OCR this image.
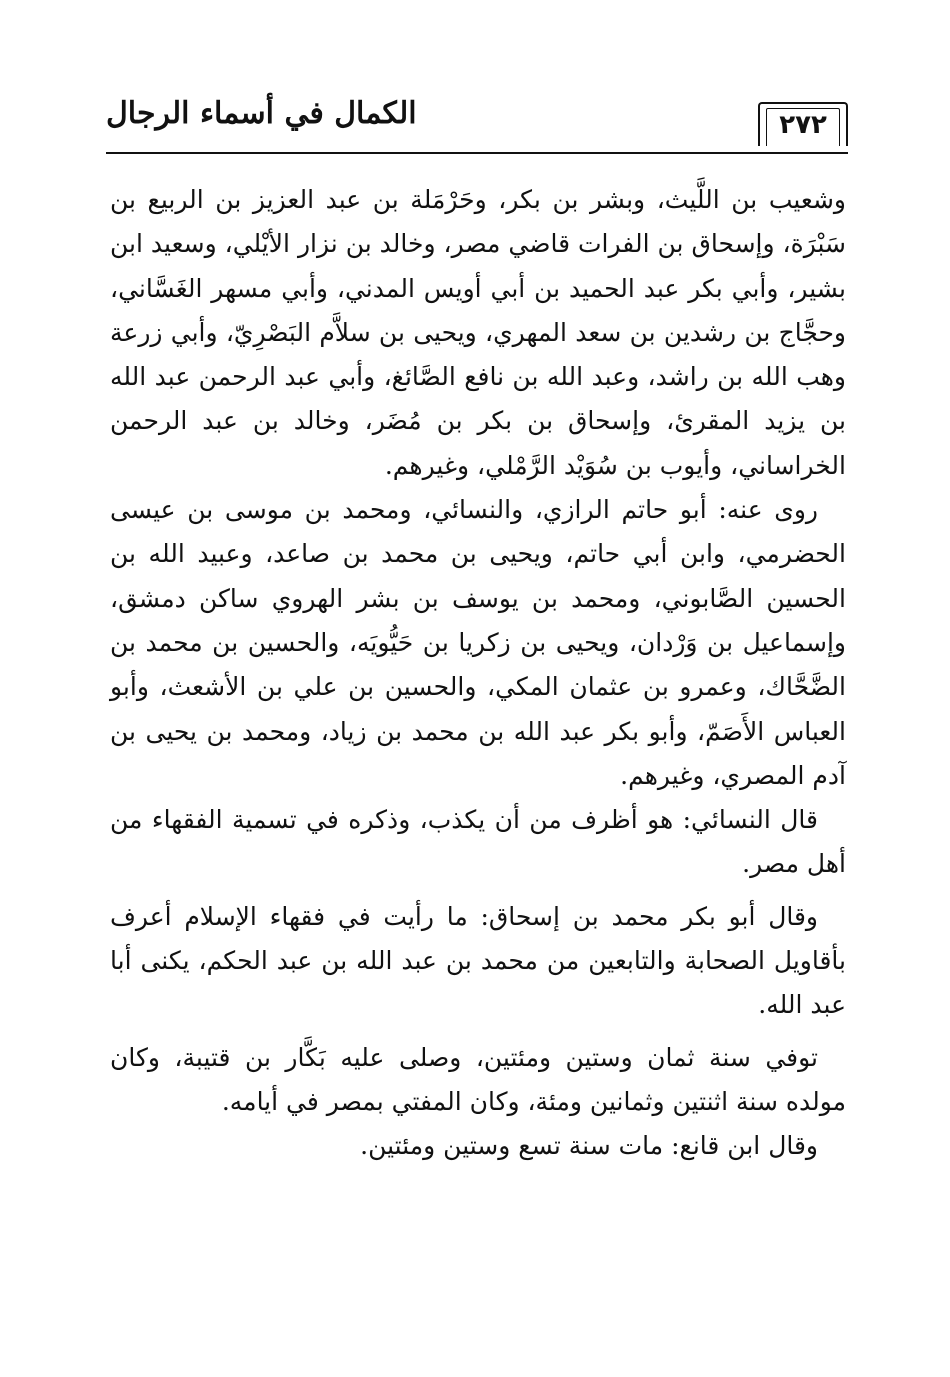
الكمال في أسماء الرجال	٢٧٢

وشعيب بن اللَّيث، وبشر بن بكر، وحَرْمَلة بن عبد العزيز بن الربيع بن سَبْرَة، وإسحاق بن الفرات قاضي مصر، وخالد بن نزار الأيْلي، وسعيد ابن بشير، وأبي بكر عبد الحميد بن أبي أويس المدني، وأبي مسهر الغَسَّاني، وحجَّاج بن رشدين بن سعد المهري، ويحيى بن سلاَّم البَصْرِيّ، وأبي زرعة وهب الله بن راشد، وعبد الله بن نافع الصَّائغ، وأبي عبد الرحمن عبد الله بن يزيد المقرئ، وإسحاق بن بكر بن مُضَر، وخالد بن عبد الرحمن الخراساني، وأيوب بن سُوَيْد الرَّمْلي، وغيرهم.

روى عنه: أبو حاتم الرازي، والنسائي، ومحمد بن موسى بن عيسى الحضرمي، وابن أبي حاتم، ويحيى بن محمد بن صاعد، وعبيد الله بن الحسين الصَّابوني، ومحمد بن يوسف بن بشر الهروي ساكن دمشق، وإسماعيل بن وَرْدان، ويحيى بن زكريا بن حَيُّويَه، والحسين بن محمد بن الضَّحَّاك، وعمرو بن عثمان المكي، والحسين بن علي بن الأشعث، وأبو العباس الأَصَمّ، وأبو بكر عبد الله بن محمد بن زياد، ومحمد بن يحيى بن آدم المصري، وغيرهم.

قال النسائي: هو أظرف من أن يكذب، وذكره في تسمية الفقهاء من أهل مصر.

وقال أبو بكر محمد بن إسحاق: ما رأيت في فقهاء الإسلام أعرف بأقاويل الصحابة والتابعين من محمد بن عبد الله بن عبد الحكم، يكنى أبا عبد الله.

توفي سنة ثمان وستين ومئتين، وصلى عليه بَكَّار بن قتيبة، وكان مولده سنة اثنتين وثمانين ومئة، وكان المفتي بمصر في أيامه.

وقال ابن قانع: مات سنة تسع وستين ومئتين.
